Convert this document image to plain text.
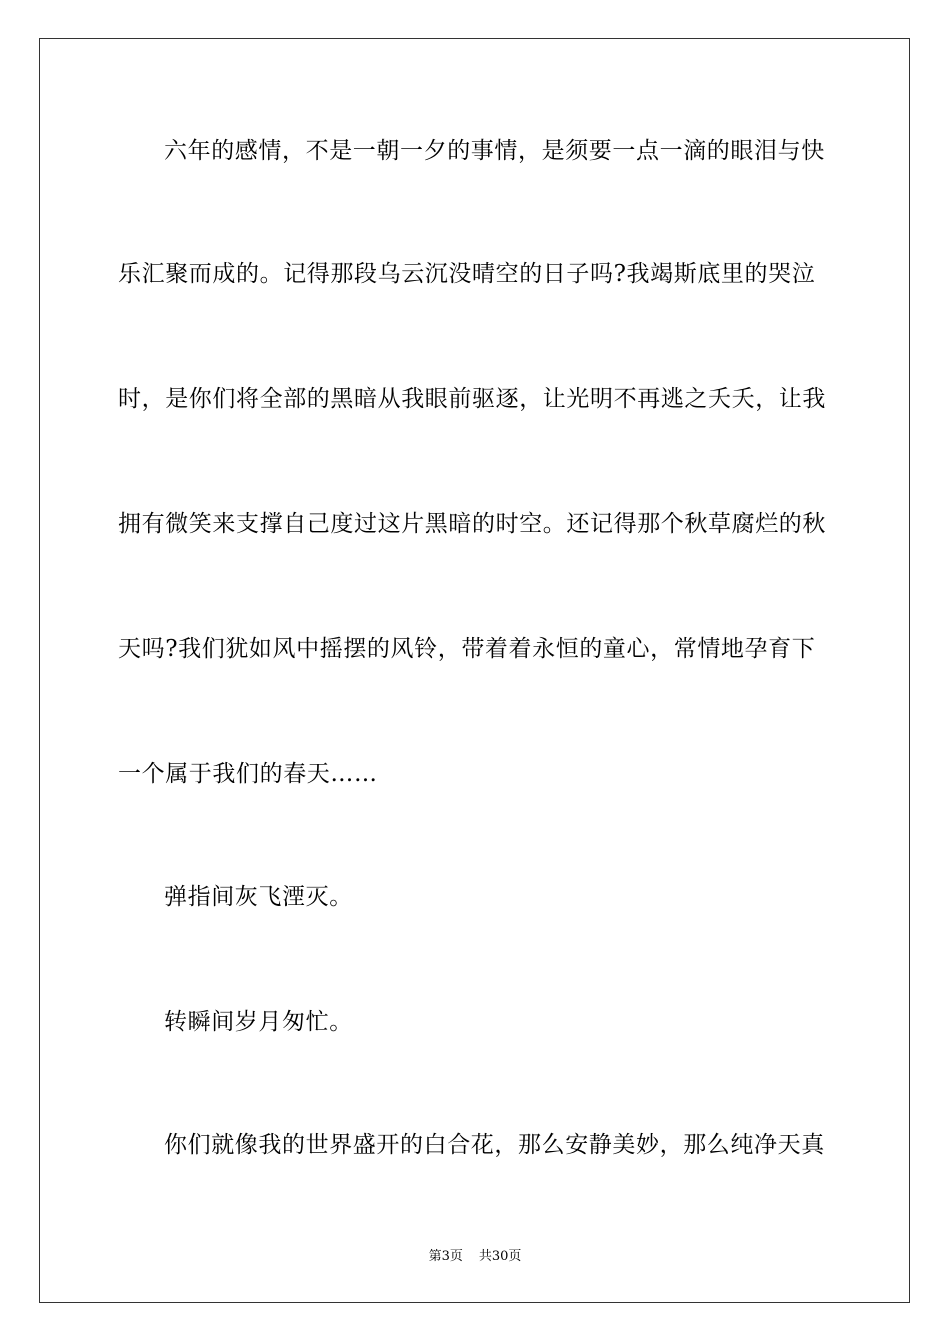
六年的感情，不是一朝一夕的事情，是须要一点一滴的眼泪与快
乐汇聚而成的。记得那段乌云沉没晴空的日子吗?我竭斯底里的哭泣
时，是你们将全部的黑暗从我眼前驱逐，让光明不再逃之夭夭，让我
拥有微笑来支撑自己度过这片黑暗的时空。还记得那个秋草腐烂的秋
天吗?我们犹如风中摇摆的风铃，带着着永恒的童心，常情地孕育下
一个属于我们的春天……
弹指间灰飞湮灭。
转瞬间岁月匆忙。
你们就像我的世界盛开的白合花，那么安静美妙，那么纯净天真
第3页 共30页
